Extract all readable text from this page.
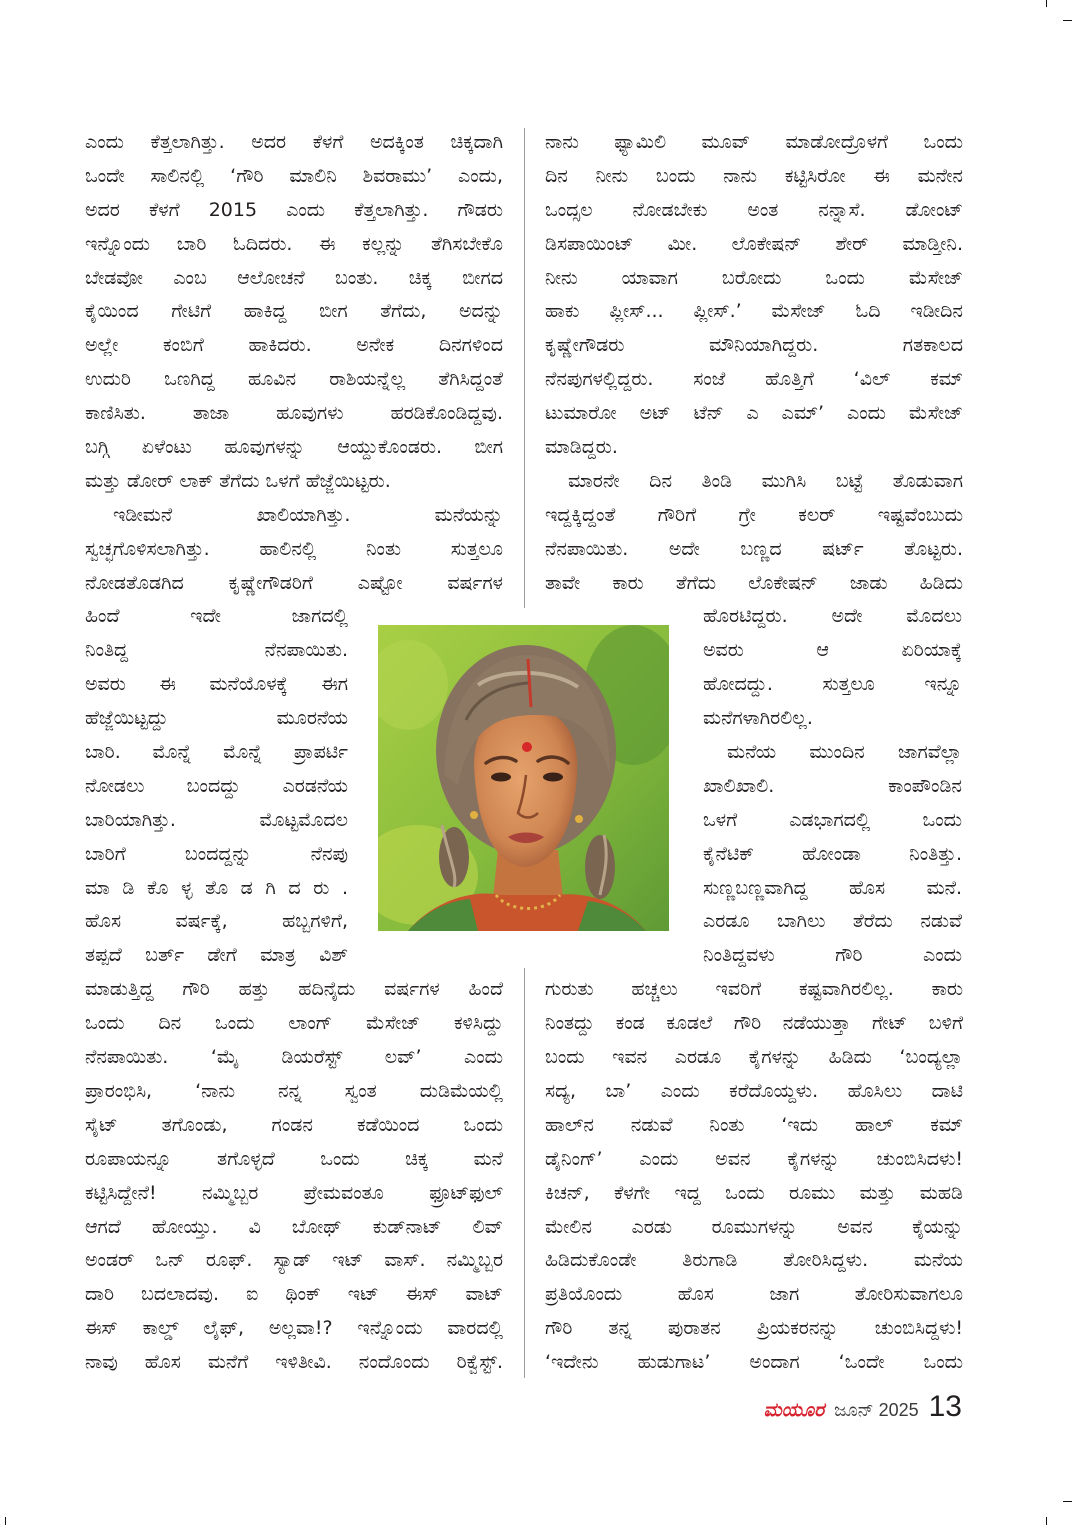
ಎಂದು ಕೆತ್ತಲಾಗಿತ್ತು. ಅದರ ಕೆಳಗೆ ಅದಕ್ಕಿಂತ ಚಿಕ್ಕದಾಗಿ
ಒಂದೇ ಸಾಲಿನಲ್ಲಿ ‘ಗೌರಿ ಮಾಲಿನಿ ಶಿವರಾಮು’ ಎಂದು,
ಅದರ ಕೆಳಗೆ 2015 ಎಂದು ಕೆತ್ತಲಾಗಿತ್ತು. ಗೌಡರು
ಇನ್ನೊಂದು ಬಾರಿ ಓದಿದರು. ಈ ಕಲ್ಲನ್ನು ತೆಗಿಸಬೇಕೊ
ಬೇಡವೋ ಎಂಬ ಆಲೋಚನೆ ಬಂತು. ಚಿಕ್ಕ ಬೀಗದ
ಕೈಯಿಂದ ಗೇಟಿಗೆ ಹಾಕಿದ್ದ ಬೀಗ ತೆಗೆದು, ಅದನ್ನು
ಅಲ್ಲೇ ಕಂಬಿಗೆ ಹಾಕಿದರು. ಅನೇಕ ದಿನಗಳಿಂದ
ಉದುರಿ ಒಣಗಿದ್ದ ಹೂವಿನ ರಾಶಿಯನ್ನೆಲ್ಲ ತೆಗಿಸಿದ್ದಂತೆ
ಕಾಣಿಸಿತು. ತಾಜಾ ಹೂವುಗಳು ಹರಡಿಕೊಂಡಿದ್ದವು.
ಬಗ್ಗಿ ಏಳೆಂಟು ಹೂವುಗಳನ್ನು ಆಯ್ದುಕೊಂಡರು. ಬೀಗ
ಮತ್ತು ಡೋರ್ ಲಾಕ್ ತೆಗೆದು ಒಳಗೆ ಹೆಜ್ಜೆಯಿಟ್ಟರು.
ಇಡೀಮನೆ ಖಾಲಿಯಾಗಿತ್ತು. ಮನೆಯನ್ನು
ಸ್ವಚ್ಛಗೊಳಿಸಲಾಗಿತ್ತು. ಹಾಲಿನಲ್ಲಿ ನಿಂತು ಸುತ್ತಲೂ
ನೋಡತೊಡಗಿದ ಕೃಷ್ಣೇಗೌಡರಿಗೆ ಎಷ್ಟೋ ವರ್ಷಗಳ
ಹಿಂದೆ ಇದೇ ಜಾಗದಲ್ಲಿ
ನಿಂತಿದ್ದ ನೆನಪಾಯಿತು.
ಅವರು ಈ ಮನೆಯೊಳಕ್ಕೆ ಈಗ
ಹೆಜ್ಜೆಯಿಟ್ಟದ್ದು ಮೂರನೆಯ
ಬಾರಿ. ಮೊನ್ನೆ ಮೊನ್ನೆ ಪ್ರಾಪರ್ಟಿ
ನೋಡಲು ಬಂದದ್ದು ಎರಡನೆಯ
ಬಾರಿಯಾಗಿತ್ತು. ಮೊಟ್ಟಮೊದಲ
ಬಾರಿಗೆ ಬಂದದ್ದನ್ನು ನೆನಪು
ಮಾ ಡಿ ಕೊ ಳ್ಳ ತೊ ಡ ಗಿ ದ ರು .
ಹೊಸ ವರ್ಷಕ್ಕೆ, ಹಬ್ಬಗಳಿಗೆ,
ತಪ್ಪದೆ ಬರ್ತ್ ಡೇಗೆ ಮಾತ್ರ ವಿಶ್
ಮಾಡುತ್ತಿದ್ದ ಗೌರಿ ಹತ್ತು ಹದಿನೈದು ವರ್ಷಗಳ ಹಿಂದೆ
ಒಂದು ದಿನ ಒಂದು ಲಾಂಗ್ ಮೆಸೇಜ್ ಕಳಿಸಿದ್ದು
ನೆನಪಾಯಿತು. ‘ಮೈ ಡಿಯರೆಸ್ಟ್ ಲವ್’ ಎಂದು
ಪ್ರಾರಂಭಿಸಿ, ‘ನಾನು ನನ್ನ ಸ್ವಂತ ದುಡಿಮೆಯಲ್ಲಿ
ಸೈಟ್ ತಗೊಂಡು, ಗಂಡನ ಕಡೆಯಿಂದ ಒಂದು
ರೂಪಾಯನ್ನೂ ತಗೊಳ್ಳದೆ ಒಂದು ಚಿಕ್ಕ ಮನೆ
ಕಟ್ಟಿಸಿದ್ದೇನೆ! ನಮ್ಮಿಬ್ಬರ ಪ್ರೇಮವಂತೂ ಫ್ರೂಟ್‌ಫುಲ್
ಆಗದೆ ಹೋಯ್ತು. ವಿ ಬೋಥ್ ಕುಡ್‌ನಾಟ್ ಲಿವ್
ಅಂಡರ್ ಒನ್ ರೂಫ್. ಸ್ಯಾಡ್ ಇಟ್ ವಾಸ್. ನಮ್ಮಿಬ್ಬರ
ದಾರಿ ಬದಲಾದವು. ಐ ಥಿಂಕ್ ಇಟ್ ಈಸ್ ವಾಟ್
ಈಸ್ ಕಾಲ್ಡ್ ಲೈಫ್, ಅಲ್ಲವಾ!? ಇನ್ನೊಂದು ವಾರದಲ್ಲಿ
ನಾವು ಹೊಸ ಮನೆಗೆ ಇಳಿತೀವಿ. ನಂದೊಂದು ರಿಕ್ವೆಸ್ಟ್.
ನಾನು ಫ್ಯಾಮಿಲಿ ಮೂವ್ ಮಾಡೋದ್ರೊಳಗೆ ಒಂದು
ದಿನ ನೀನು ಬಂದು ನಾನು ಕಟ್ಟಿಸಿರೋ ಈ ಮನೇನ
ಒಂದ್ಸಲ ನೋಡಬೇಕು ಅಂತ ನನ್ನಾಸೆ. ಡೋಂಟ್
ಡಿಸಪಾಯಿಂಟ್ ಮೀ. ಲೊಕೇಷನ್ ಶೇರ್ ಮಾಡ್ತೀನಿ.
ನೀನು ಯಾವಾಗ ಬರೋದು ಒಂದು ಮೆಸೇಜ್
ಹಾಕು ಪ್ಲೀಸ್... ಪ್ಲೀಸ್.’ ಮೆಸೇಜ್ ಓದಿ ಇಡೀದಿನ
ಕೃಷ್ಣೇಗೌಡರು ಮೌನಿಯಾಗಿದ್ದರು. ಗತಕಾಲದ
ನೆನಪುಗಳಲ್ಲಿದ್ದರು. ಸಂಜೆ ಹೊತ್ತಿಗೆ ‘ವಿಲ್ ಕಮ್
ಟುಮಾರೋ ಅಟ್ ಟೆನ್ ಎ ಎಮ್’ ಎಂದು ಮೆಸೇಜ್
ಮಾಡಿದ್ದರು.
ಮಾರನೇ ದಿನ ತಿಂಡಿ ಮುಗಿಸಿ ಬಟ್ಟೆ ತೊಡುವಾಗ
ಇದ್ದಕ್ಕಿದ್ದಂತೆ ಗೌರಿಗೆ ಗ್ರೇ ಕಲರ್ ಇಷ್ಟವೆಂಬುದು
ನೆನಪಾಯಿತು. ಅದೇ ಬಣ್ಣದ ಷರ್ಟ್ ತೊಟ್ಟರು.
ತಾವೇ ಕಾರು ತೆಗೆದು ಲೊಕೇಷನ್ ಜಾಡು ಹಿಡಿದು
ಹೊರಟಿದ್ದರು. ಅದೇ ಮೊದಲು
ಅವರು ಆ ಏರಿಯಾಕ್ಕೆ
ಹೋದದ್ದು. ಸುತ್ತಲೂ ಇನ್ನೂ
ಮನೆಗಳಾಗಿರಲಿಲ್ಲ.
ಮನೆಯ ಮುಂದಿನ ಜಾಗವೆಲ್ಲಾ
ಖಾಲಿಖಾಲಿ. ಕಾಂಪೌಂಡಿನ
ಒಳಗೆ ಎಡಭಾಗದಲ್ಲಿ ಒಂದು
ಕೈನೆಟಿಕ್ ಹೋಂಡಾ ನಿಂತಿತ್ತು.
ಸುಣ್ಣಬಣ್ಣವಾಗಿದ್ದ ಹೊಸ ಮನೆ.
ಎರಡೂ ಬಾಗಿಲು ತೆರೆದು ನಡುವೆ
ನಿಂತಿದ್ದವಳು ಗೌರಿ ಎಂದು
ಗುರುತು ಹಚ್ಚಲು ಇವರಿಗೆ ಕಷ್ಟವಾಗಿರಲಿಲ್ಲ. ಕಾರು
ನಿಂತದ್ದು ಕಂಡ ಕೂಡಲೆ ಗೌರಿ ನಡೆಯುತ್ತಾ ಗೇಟ್ ಬಳಿಗೆ
ಬಂದು ಇವನ ಎರಡೂ ಕೈಗಳನ್ನು ಹಿಡಿದು ‘ಬಂದ್ಯಲ್ಲಾ
ಸದ್ಯ, ಬಾ’ ಎಂದು ಕರೆದೊಯ್ದಳು. ಹೊಸಿಲು ದಾಟಿ
ಹಾಲ್‌ನ ನಡುವೆ ನಿಂತು ‘ಇದು ಹಾಲ್ ಕಮ್
ಡೈನಿಂಗ್’ ಎಂದು ಅವನ ಕೈಗಳನ್ನು ಚುಂಬಿಸಿದಳು!
ಕಿಚನ್, ಕೆಳಗೇ ಇದ್ದ ಒಂದು ರೂಮು ಮತ್ತು ಮಹಡಿ
ಮೇಲಿನ ಎರಡು ರೂಮುಗಳನ್ನು ಅವನ ಕೈಯನ್ನು
ಹಿಡಿದುಕೊಂಡೇ ತಿರುಗಾಡಿ ತೋರಿಸಿದ್ದಳು. ಮನೆಯ
ಪ್ರತಿಯೊಂದು ಹೊಸ ಜಾಗ ತೋರಿಸುವಾಗಲೂ
ಗೌರಿ ತನ್ನ ಪುರಾತನ ಪ್ರಿಯಕರನನ್ನು ಚುಂಬಿಸಿದ್ದಳು!
‘ಇದೇನು ಹುಡುಗಾಟ’ ಅಂದಾಗ ‘ಒಂದೇ ಒಂದು
ಮಯೂರ ಜೂನ್ 2025 13
